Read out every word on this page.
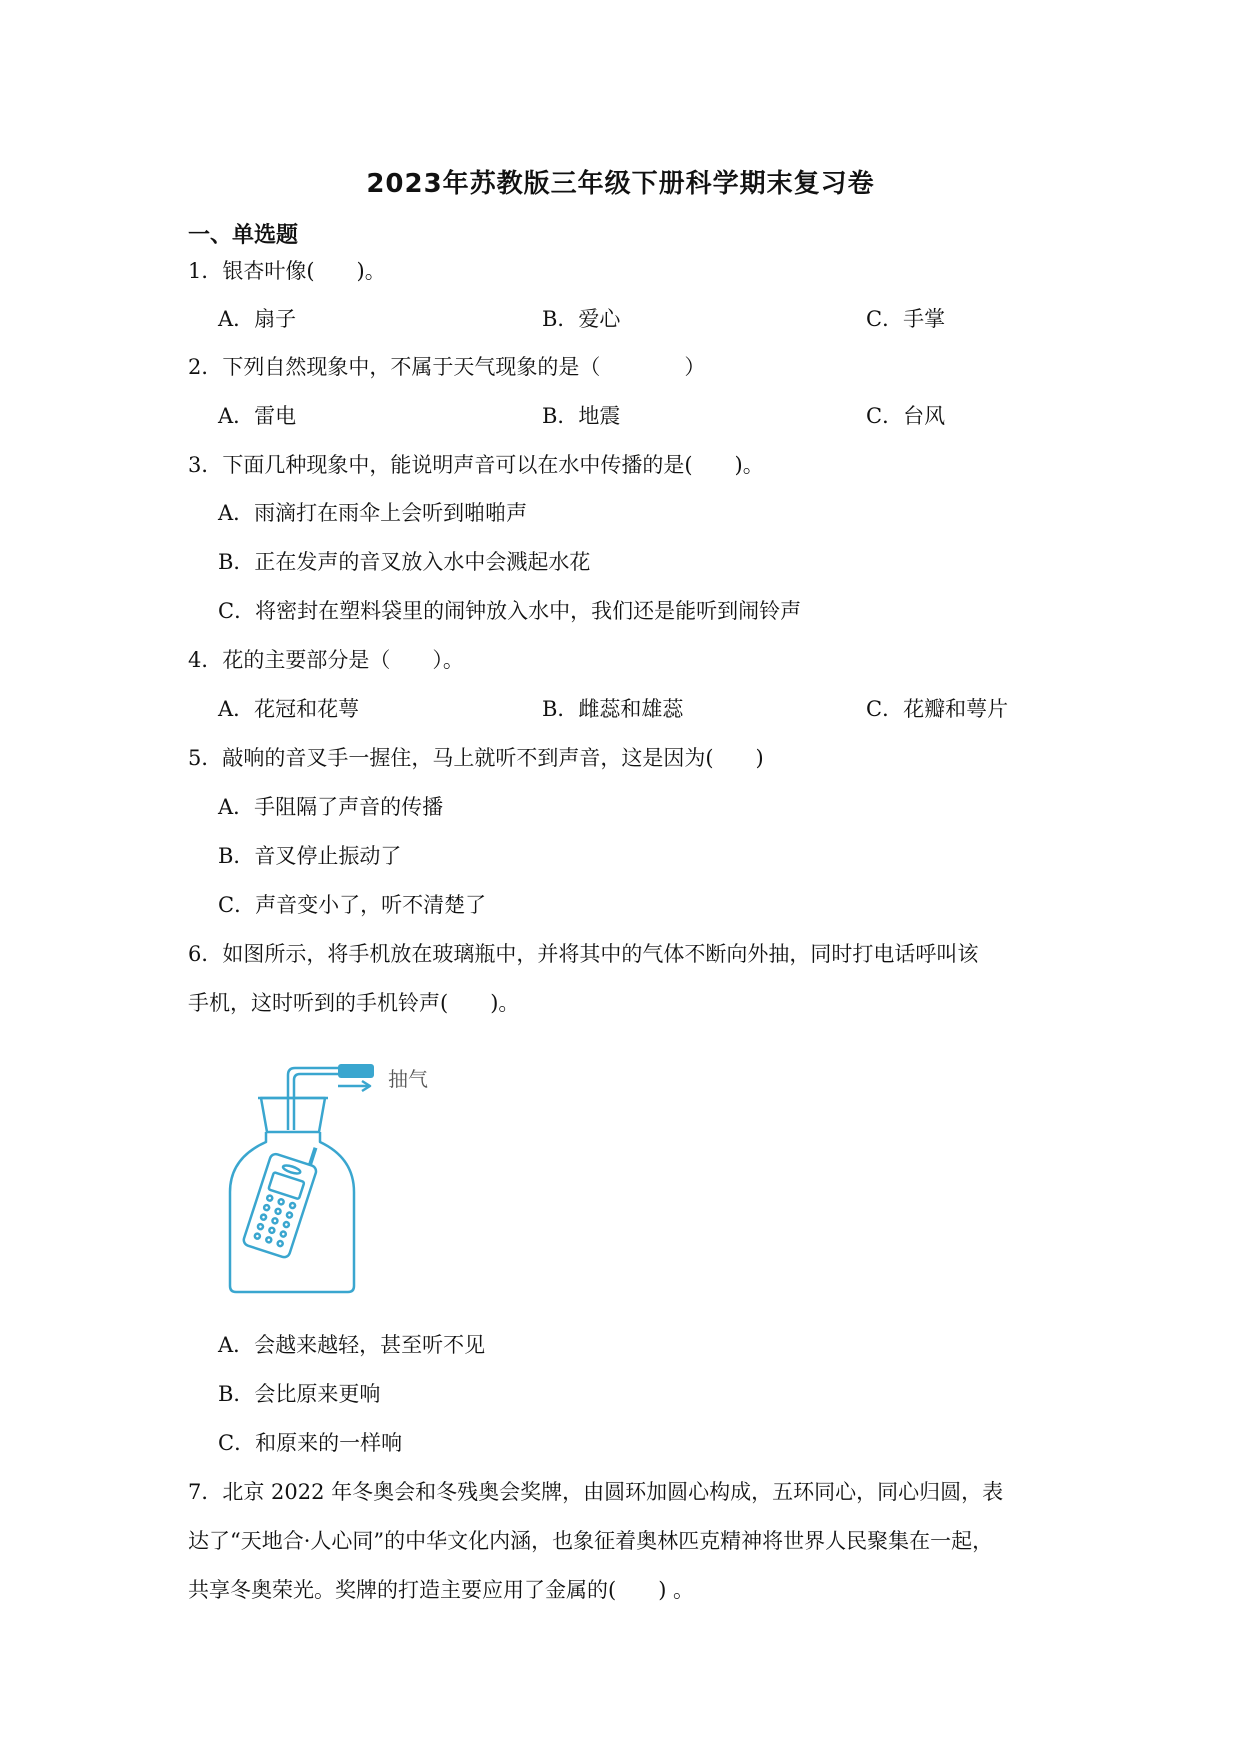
2023年苏教版三年级下册科学期末复习卷
一、单选题
1．银杏叶像(　　)。
A．扇子	B．爱心	C．手掌
2．下列自然现象中，不属于天气现象的是（　　　　）
A．雷电	B．地震	C．台风
3．下面几种现象中，能说明声音可以在水中传播的是(　　)。
A．雨滴打在雨伞上会听到啪啪声
B．正在发声的音叉放入水中会溅起水花
C．将密封在塑料袋里的闹钟放入水中，我们还是能听到闹铃声
4．花的主要部分是（　　）。
A．花冠和花萼	B．雌蕊和雄蕊	C．花瓣和萼片
5．敲响的音叉手一握住，马上就听不到声音，这是因为(　　)
A．手阻隔了声音的传播
B．音叉停止振动了
C．声音变小了，听不清楚了
6．如图所示，将手机放在玻璃瓶中，并将其中的气体不断向外抽，同时打电话呼叫该
手机，这时听到的手机铃声(　　)。
抽气
A．会越来越轻，甚至听不见
B．会比原来更响
C．和原来的一样响
7．北京 2022 年冬奥会和冬残奥会奖牌，由圆环加圆心构成，五环同心，同心归圆，表
达了“天地合·人心同”的中华文化内涵，也象征着奥林匹克精神将世界人民聚集在一起，
共享冬奥荣光。奖牌的打造主要应用了金属的(　　) 。
